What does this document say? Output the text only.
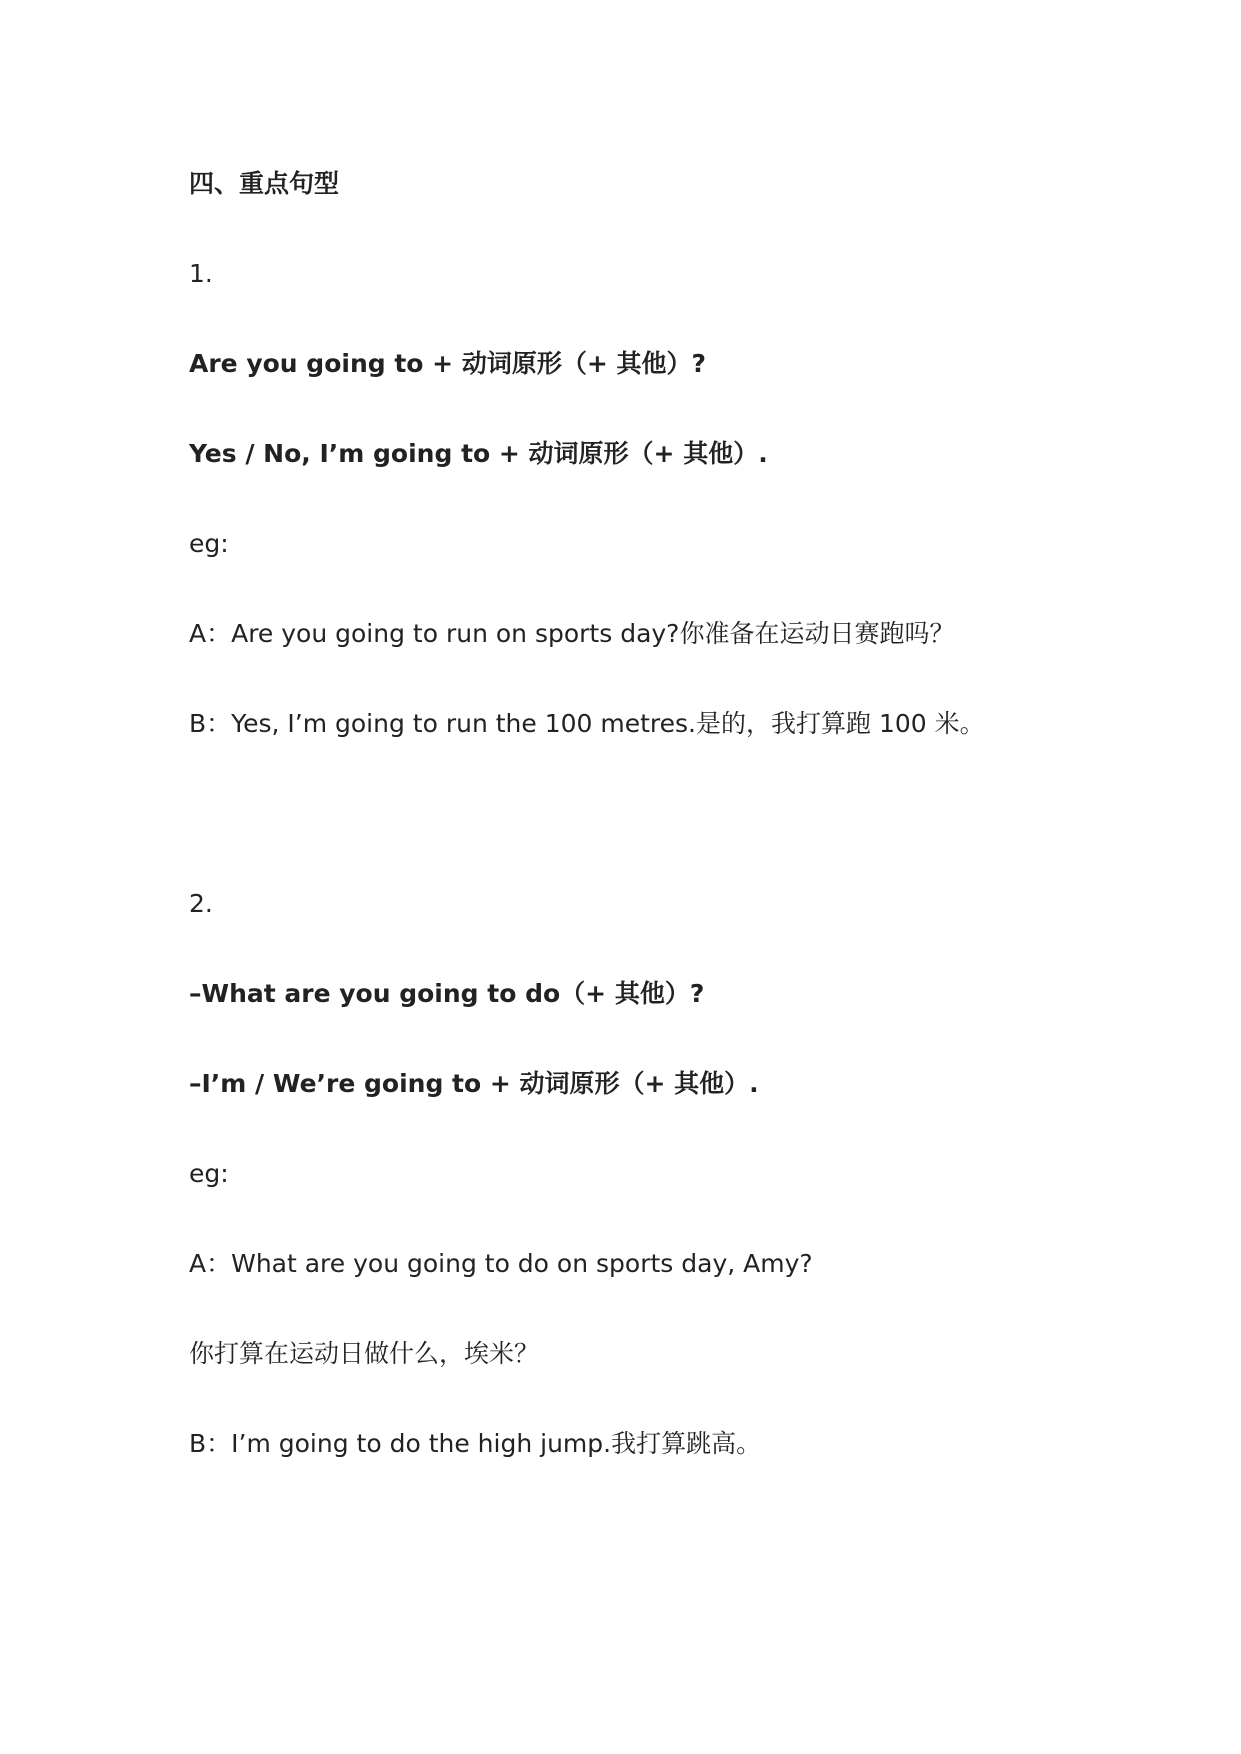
四、重点句型
1.
Are you going to + 动词原形（+ 其他）?
Yes / No, I’m going to + 动词原形（+ 其他）.
eg:
A：Are you going to run on sports day?你准备在运动日赛跑吗？
B：Yes, I’m going to run the 100 metres.是的，我打算跑 100 米。
2.
–What are you going to do（+ 其他）?
–I’m / We’re going to + 动词原形（+ 其他）.
eg:
A：What are you going to do on sports day, Amy?
你打算在运动日做什么，埃米？
B：I’m going to do the high jump.我打算跳高。
